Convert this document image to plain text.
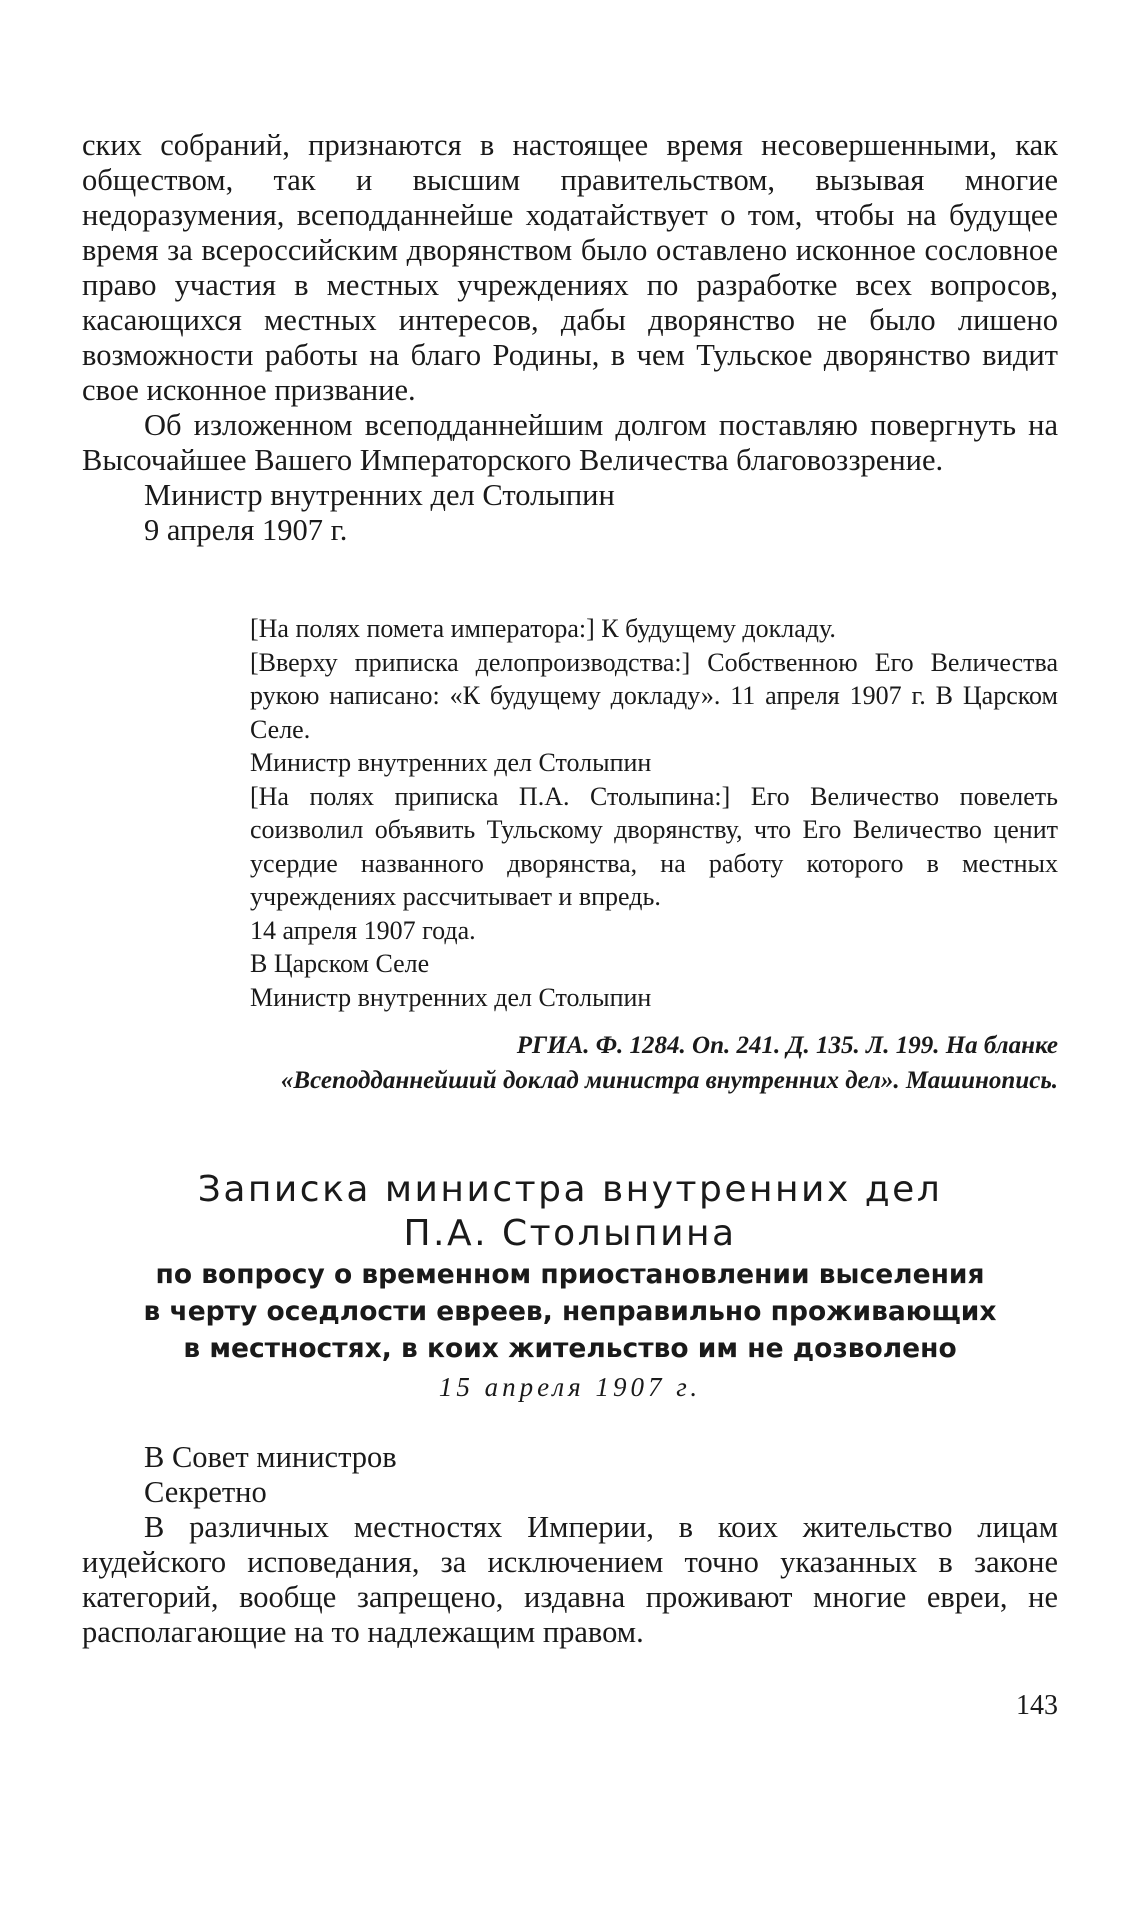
ских собраний, признаются в настоящее время несовершенными, как обществом, так и высшим правительством, вызывая многие недоразумения, всеподданнейше ходатайствует о том, чтобы на будущее время за всероссийским дворянством было оставлено исконное сословное право участия в местных учреждениях по разработке всех вопросов, касающихся местных интересов, дабы дворянство не было лишено возможности работы на благо Родины, в чем Тульское дворянство видит свое исконное призвание.

Об изложенном всеподданнейшим долгом поставляю повергнуть на Высочайшее Вашего Императорского Величества благовоззрение.

Министр внутренних дел Столыпин

9 апреля 1907 г.

[На полях помета императора:] К будущему докладу.

[Вверху приписка делопроизводства:] Собственною Его Величества рукою написано: «К будущему докладу». 11 апреля 1907 г. В Царском Селе.

Министр внутренних дел Столыпин

[На полях приписка П.А. Столыпина:] Его Величество повелеть соизволил объявить Тульскому дворянству, что Его Величество ценит усердие названного дворянства, на работу которого в местных учреждениях рассчитывает и впредь.

14 апреля 1907 года.

В Царском Селе

Министр внутренних дел Столыпин

РГИА. Ф. 1284. Оп. 241. Д. 135. Л. 199. На бланке
«Всеподданнейший доклад министра внутренних дел». Машинопись.

Записка министра внутренних дел

П.А. Столыпина

по вопросу о временном приостановлении выселения

в черту оседлости евреев, неправильно проживающих

в местностях, в коих жительство им не дозволено

15 апреля 1907 г.

В Совет министров

Секретно

В различных местностях Империи, в коих жительство лицам иудейского исповедания, за исключением точно указанных в законе категорий, вообще запрещено, издавна проживают многие евреи, не располагающие на то надлежащим правом.

143
